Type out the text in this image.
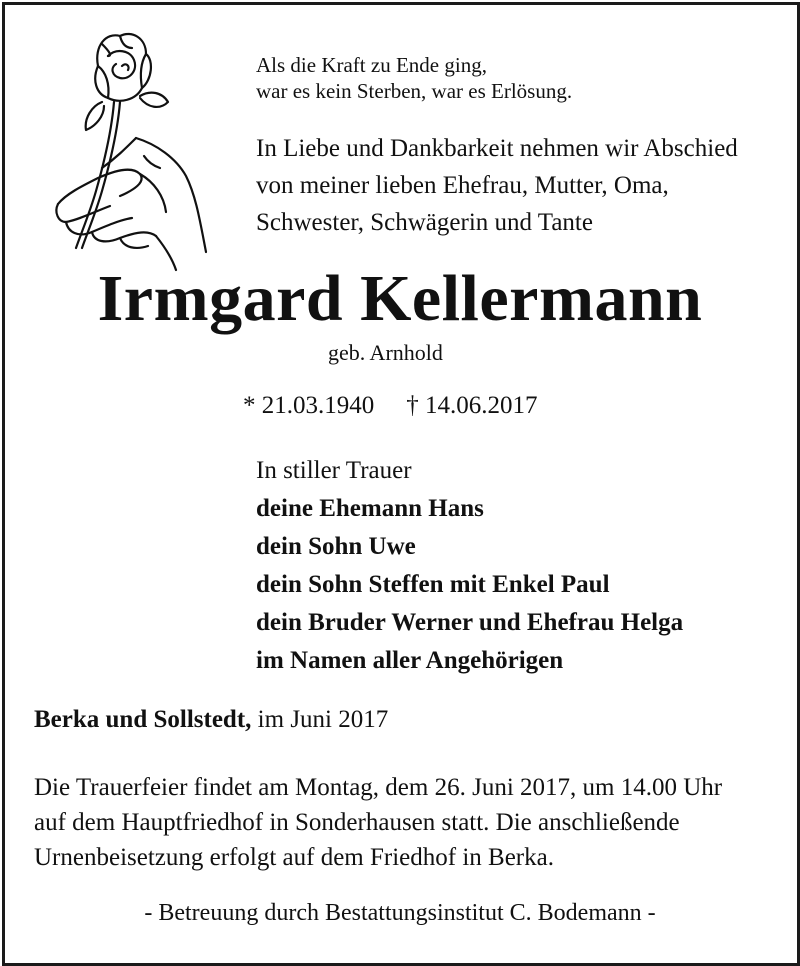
Als die Kraft zu Ende ging,
war es kein Sterben, war es Erlösung.
In Liebe und Dankbarkeit nehmen wir Abschied
von meiner lieben Ehefrau, Mutter, Oma,
Schwester, Schwägerin und Tante
Irmgard Kellermann
geb. Arnhold
* 21.03.1940 † 14.06.2017
In stiller Trauer
deine Ehemann Hans
dein Sohn Uwe
dein Sohn Steffen mit Enkel Paul
dein Bruder Werner und Ehefrau Helga
im Namen aller Angehörigen
Berka und Sollstedt, im Juni 2017
Die Trauerfeier findet am Montag, dem 26. Juni 2017, um 14.00 Uhr
auf dem Hauptfriedhof in Sonderhausen statt. Die anschließende
Urnenbeisetzung erfolgt auf dem Friedhof in Berka.
- Betreuung durch Bestattungsinstitut C. Bodemann -
